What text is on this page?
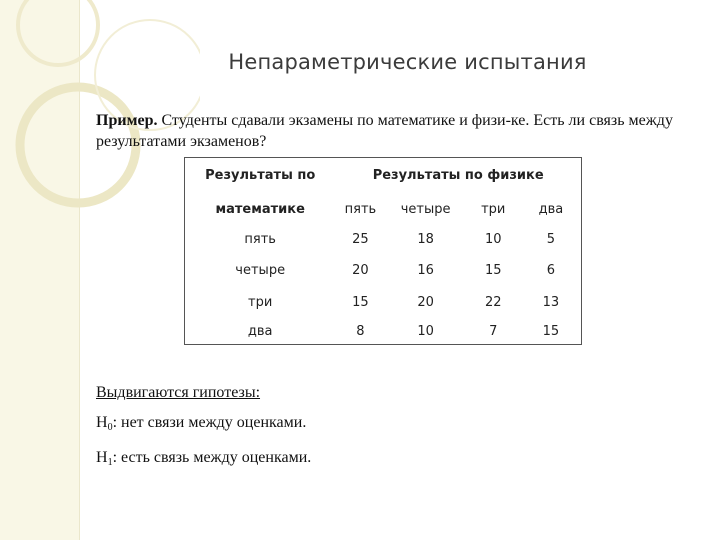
Непараметрические испытания
Пример. Студенты сдавали экзамены по математике и физи-ке. Есть ли связь между результатами экзаменов?
Результаты по	Результаты по физике			
математике	пять	четыре	три	два
пять	25	18	10	5
четыре	20	16	15	6
три	15	20	22	13
два	8	10	7	15
Выдвигаются гипотезы:
$H_0$: нет связи между оценками.
$H_1$: есть связь между оценками.
